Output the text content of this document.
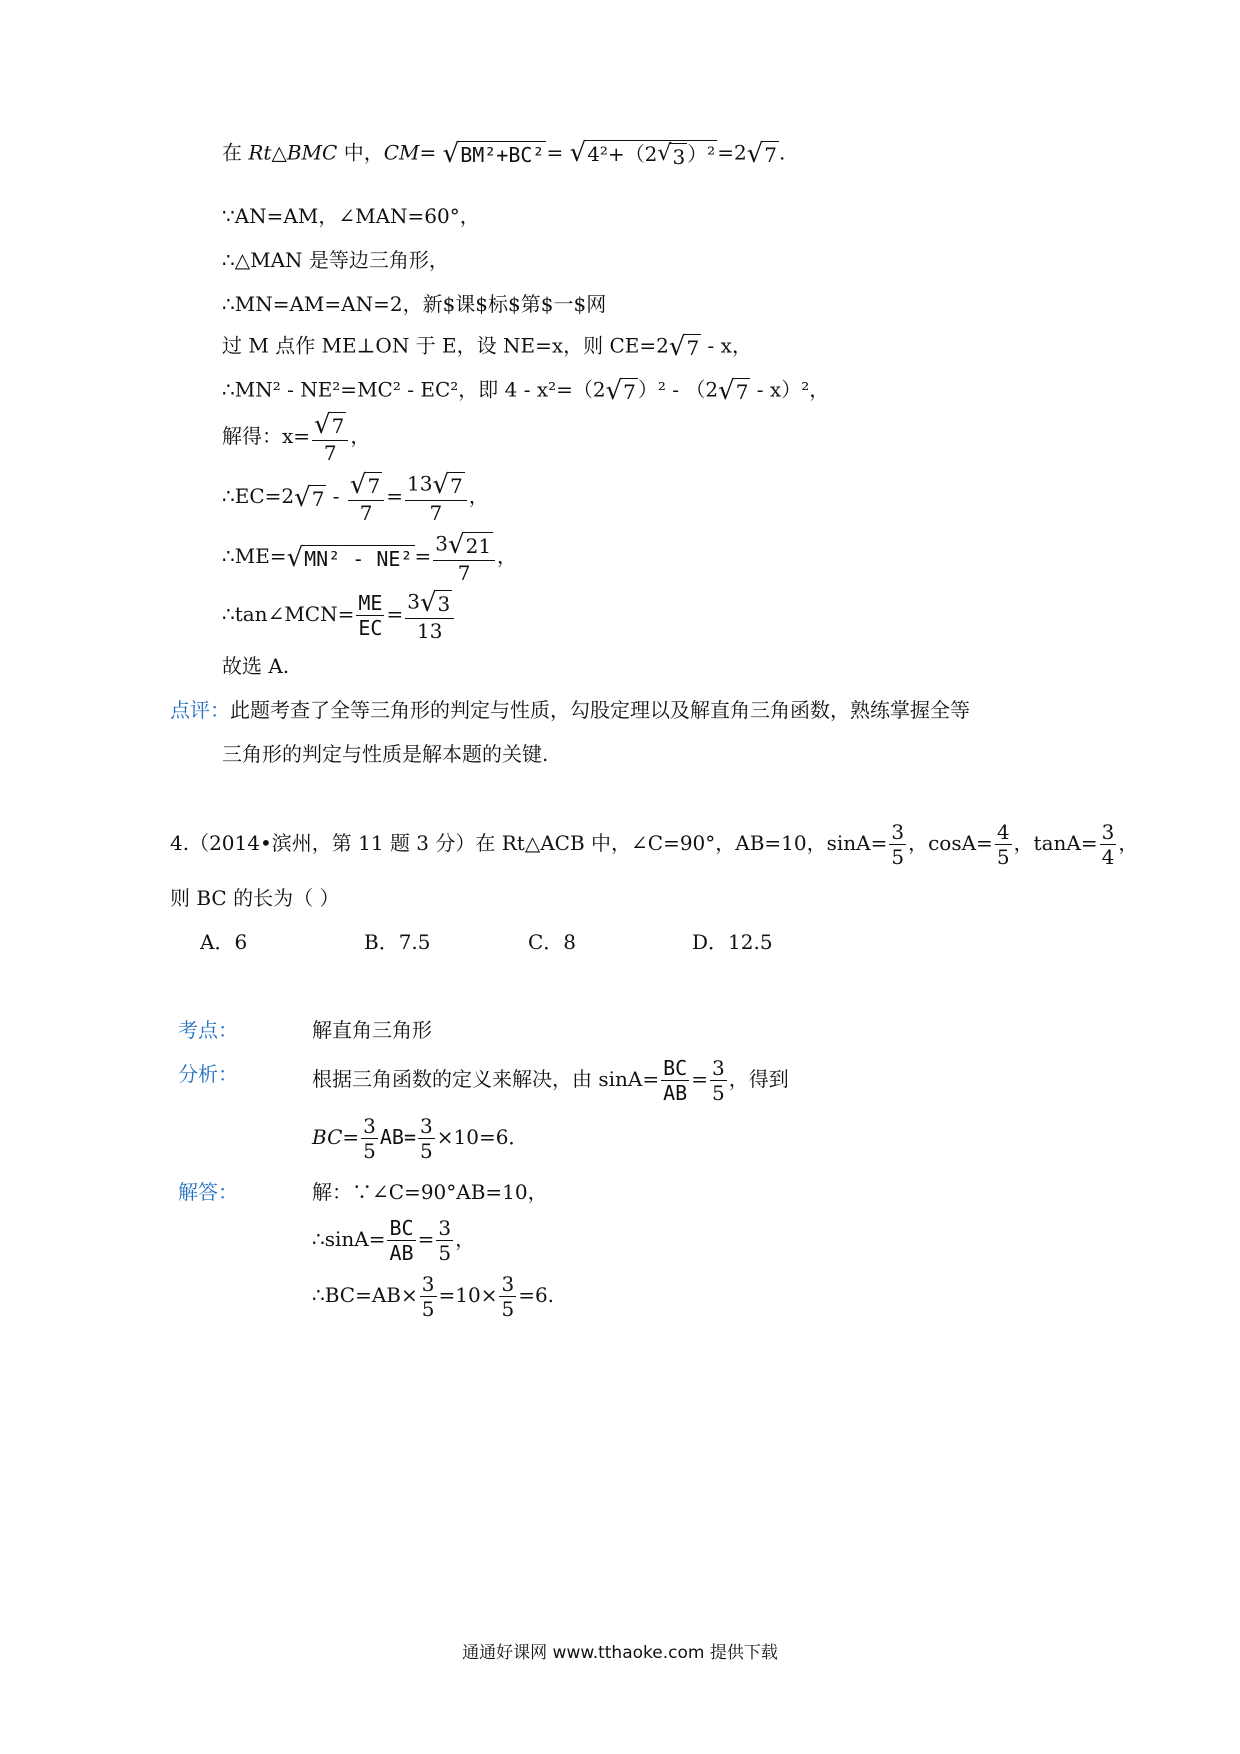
在 Rt△BMC 中，CM= √ BM²+BC² = √ 4²+（2 √ 3 ）² =2 √ 7 .
∵AN=AM，∠MAN=60°，
∴△MAN 是等边三角形，
∴MN=AM=AN=2，新$课$标$第$一$网
过 M 点作 ME⊥ON 于 E，设 NE=x，则 CE=2 √ 7 - x，
∴MN² - NE²=MC² - EC²，即 4 - x²=（2 √ 7 ）² - （2 √ 7 - x）²，
解得：$x= \frac{√ 7}{7}$ ，
∴EC=2 √ $7 - \frac{√ 7}{7} = \frac{13 √ 7}{7}$ ，
∴ME= √ $MN^2 - NE^2 = \frac{3 √ 21}{7}$ ，
∴tan∠MCN= $\frac{ME}{EC} = \frac{3 √ 3}{13}$
故选 A.
点评：此题考查了全等三角形的判定与性质，勾股定理以及解直角三角函数，熟练掌握全等
三角形的判定与性质是解本题的关键.
4.（2014•滨州，第 11 题 3 分）在 Rt△ACB 中，∠C=90°，AB=10，$\sin A= \frac{3}{5}$ ，$\cos A= \frac{4}{5}$ ，$\tan A= \frac{3}{4}$ ，
则 BC 的长为（ ）
A．6	B．7.5	C．8	D．12.5
考点：	解直角三角形
分析：	根据三角函数的定义来解决，由 $\sin A= \frac{BC}{AB} = \frac{3}{5}$ ，得到
$BC= \frac{3}{5} AB= \frac{3}{5} \times 10=6$．
解答：	解：∵∠C=90°AB=10，
∴sinA= $\frac{BC}{AB} = \frac{3}{5}$ ，
∴BC=AB× $\frac{3}{5} =10\times \frac{3}{5} =6$.
通通好课网 www.tthaoke.com 提供下载
